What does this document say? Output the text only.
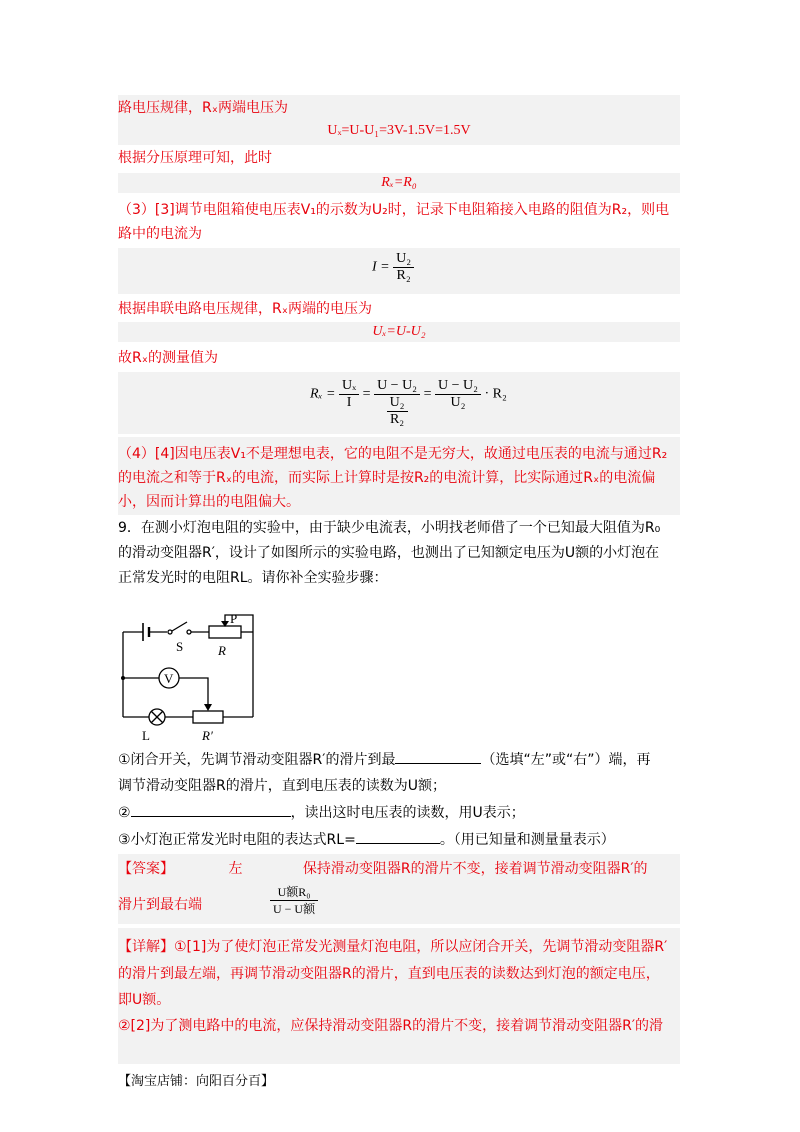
路电压规律，Rₓ两端电压为
Uₓ=U-U₁=3V-1.5V=1.5V
根据分压原理可知，此时
Rₓ=R₀
（3）[3]调节电阻箱使电压表V₁的示数为U₂时，记录下电阻箱接入电路的阻值为R₂，则电
路中的电流为
$I = \frac{\text{U₂}}{\text{R₂}}$
根据串联电路电压规律，Rₓ两端的电压为
Uₓ=U-U₂
故Rₓ的测量值为
$R_x = \frac{\text{Uₓ}}{I} = \frac{\text{U − U₂}}{\frac{\text{U₂}}{\text{R₂}}} = \frac{\text{U − U₂}}{\text{U₂}} \cdot R_2$
（4）[4]因电压表V₁不是理想电表，它的电阻不是无穷大，故通过电压表的电流与通过R₂
的电流之和等于Rₓ的电流，而实际上计算时是按R₂的电流计算，比实际通过Rₓ的电流偏
小，因而计算出的电阻偏大。
9．在测小灯泡电阻的实验中，由于缺少电流表，小明找老师借了一个已知最大阻值为R₀
的滑动变阻器R′，设计了如图所示的实验电路，也测出了已知额定电压为U额的小灯泡在
正常发光时的电阻RL。请你补全实验步骤：
P
S	R
V
L	R′
①闭合开关，先调节滑动变阻器R′的滑片到最	（选填“左”或“右”）端，再
调节滑动变阻器R的滑片，直到电压表的读数为U额；
②	，读出这时电压表的读数，用U表示；
③小灯泡正常发光时电阻的表达式RL=	。（用已知量和测量量表示）
【答案】	左	保持滑动变阻器R的滑片不变，接着调节滑动变阻器R′的
滑片到最右端	$\frac{\text{U额R₀}}{\text{U − U额}}$
【详解】①[1]为了使灯泡正常发光测量灯泡电阻，所以应闭合开关，先调节滑动变阻器R′
的滑片到最左端，再调节滑动变阻器R的滑片，直到电压表的读数达到灯泡的额定电压，
即U额。
②[2]为了测电路中的电流，应保持滑动变阻器R的滑片不变，接着调节滑动变阻器R′的滑
【淘宝店铺：向阳百分百】
